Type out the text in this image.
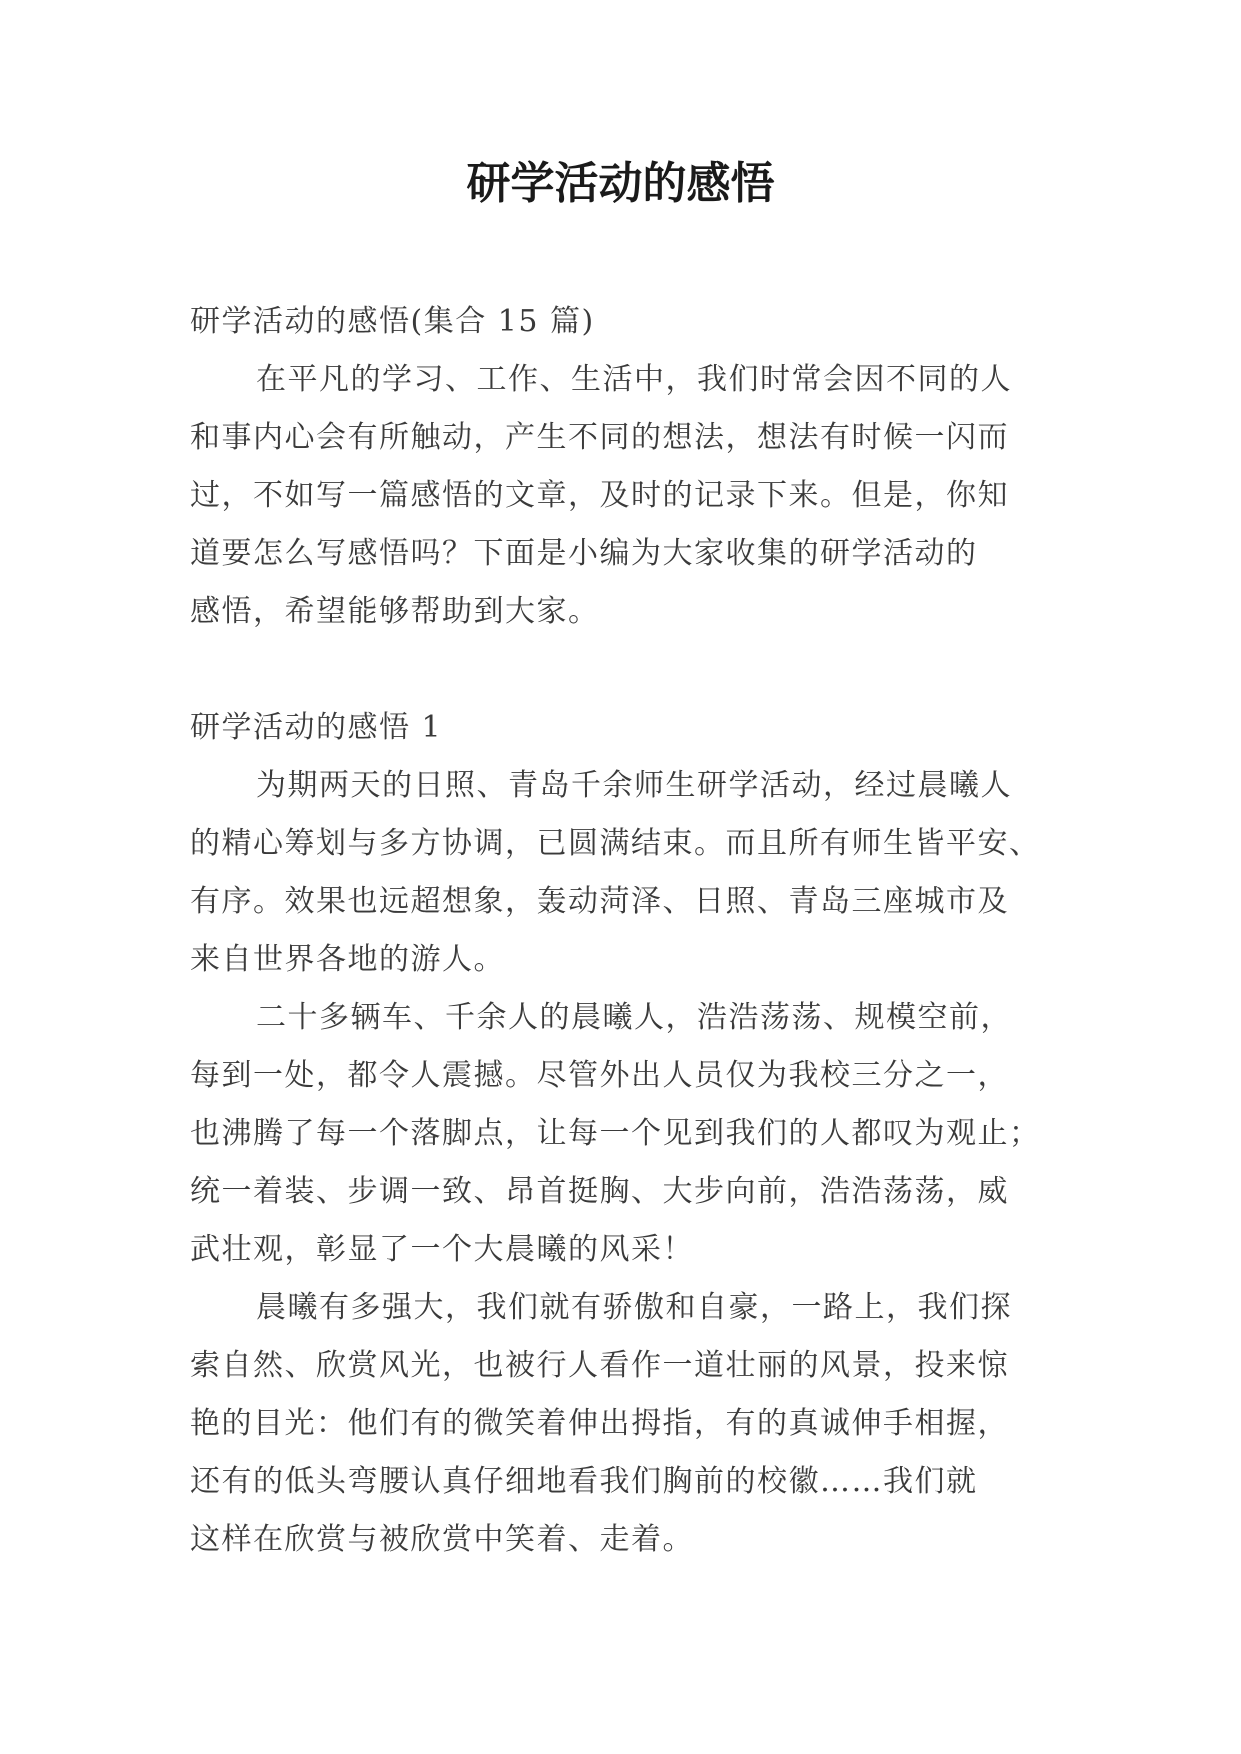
研学活动的感悟
研学活动的感悟(集合 15 篇)
在平凡的学习、工作、生活中，我们时常会因不同的人
和事内心会有所触动，产生不同的想法，想法有时候一闪而
过，不如写一篇感悟的文章，及时的记录下来。但是，你知
道要怎么写感悟吗？下面是小编为大家收集的研学活动的
感悟，希望能够帮助到大家。
研学活动的感悟 1
为期两天的日照、青岛千余师生研学活动，经过晨曦人
的精心筹划与多方协调，已圆满结束。而且所有师生皆平安、
有序。效果也远超想象，轰动菏泽、日照、青岛三座城市及
来自世界各地的游人。
二十多辆车、千余人的晨曦人，浩浩荡荡、规模空前，
每到一处，都令人震撼。尽管外出人员仅为我校三分之一，
也沸腾了每一个落脚点，让每一个见到我们的人都叹为观止；
统一着装、步调一致、昂首挺胸、大步向前，浩浩荡荡，威
武壮观，彰显了一个大晨曦的风采！
晨曦有多强大，我们就有骄傲和自豪，一路上，我们探
索自然、欣赏风光，也被行人看作一道壮丽的风景，投来惊
艳的目光：他们有的微笑着伸出拇指，有的真诚伸手相握，
还有的低头弯腰认真仔细地看我们胸前的校徽……我们就
这样在欣赏与被欣赏中笑着、走着。
